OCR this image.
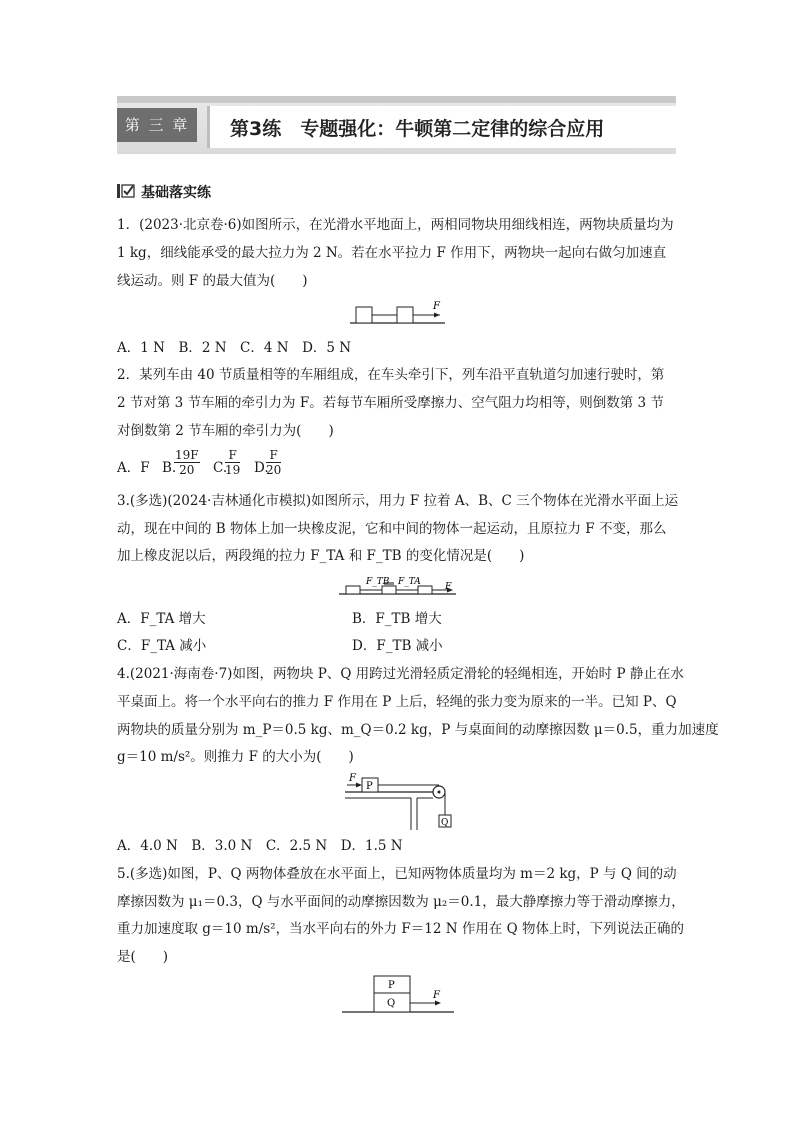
第 三 章	第3练　专题强化：牛顿第二定律的综合应用
基础落实练
1．(2023·北京卷·6)如图所示，在光滑水平地面上，两相同物块用细线相连，两物块质量均为
1 kg，细线能承受的最大拉力为 2 N。若在水平拉力 F 作用下，两物块一起向右做匀加速直
线运动。则 F 的最大值为(　　)
F
A．1 N　B．2 N　C．4 N　D．5 N
2．某列车由 40 节质量相等的车厢组成，在车头牵引下，列车沿平直轨道匀加速行驶时，第
2 节对第 3 节车厢的牵引力为 F。若每节车厢所受摩擦力、空气阻力均相等，则倒数第 3 节
对倒数第 2 节车厢的牵引力为(　　)
A．F B.
$\frac{19F}{20} C$.
$\frac{F}{19} D$.
$\frac{F}{20}$
3.(多选)(2024·吉林通化市模拟)如图所示，用力 F 拉着 A、B、C 三个物体在光滑水平面上运
动，现在中间的 B 物体上加一块橡皮泥，它和中间的物体一起运动，且原拉力 F 不变，那么
加上橡皮泥以后，两段绳的拉力 F_TA 和 F_TB 的变化情况是(　　)
F_TB F_TA	F
A．F_TA 增大	B．F_TB 增大
C．F_TA 减小	D．F_TB 减小
4.(2021·海南卷·7)如图，两物块 P、Q 用跨过光滑轻质定滑轮的轻绳相连，开始时 P 静止在水
平桌面上。将一个水平向右的推力 F 作用在 P 上后，轻绳的张力变为原来的一半。已知 P、Q
两物块的质量分别为 m_P＝0.5 kg、m_Q＝0.2 kg，P 与桌面间的动摩擦因数 μ＝0.5，重力加速度
g＝10 m/s²。则推力 F 的大小为(　　)
P
F
Q
A．4.0 N　B．3.0 N　C．2.5 N　D．1.5 N
5.(多选)如图，P、Q 两物体叠放在水平面上，已知两物体质量均为 m＝2 kg，P 与 Q 间的动
摩擦因数为 μ₁＝0.3，Q 与水平面间的动摩擦因数为 μ₂＝0.1，最大静摩擦力等于滑动摩擦力，
重力加速度取 g＝10 m/s²，当水平向右的外力 F＝12 N 作用在 Q 物体上时，下列说法正确的
是(　　)
P
Q
F
